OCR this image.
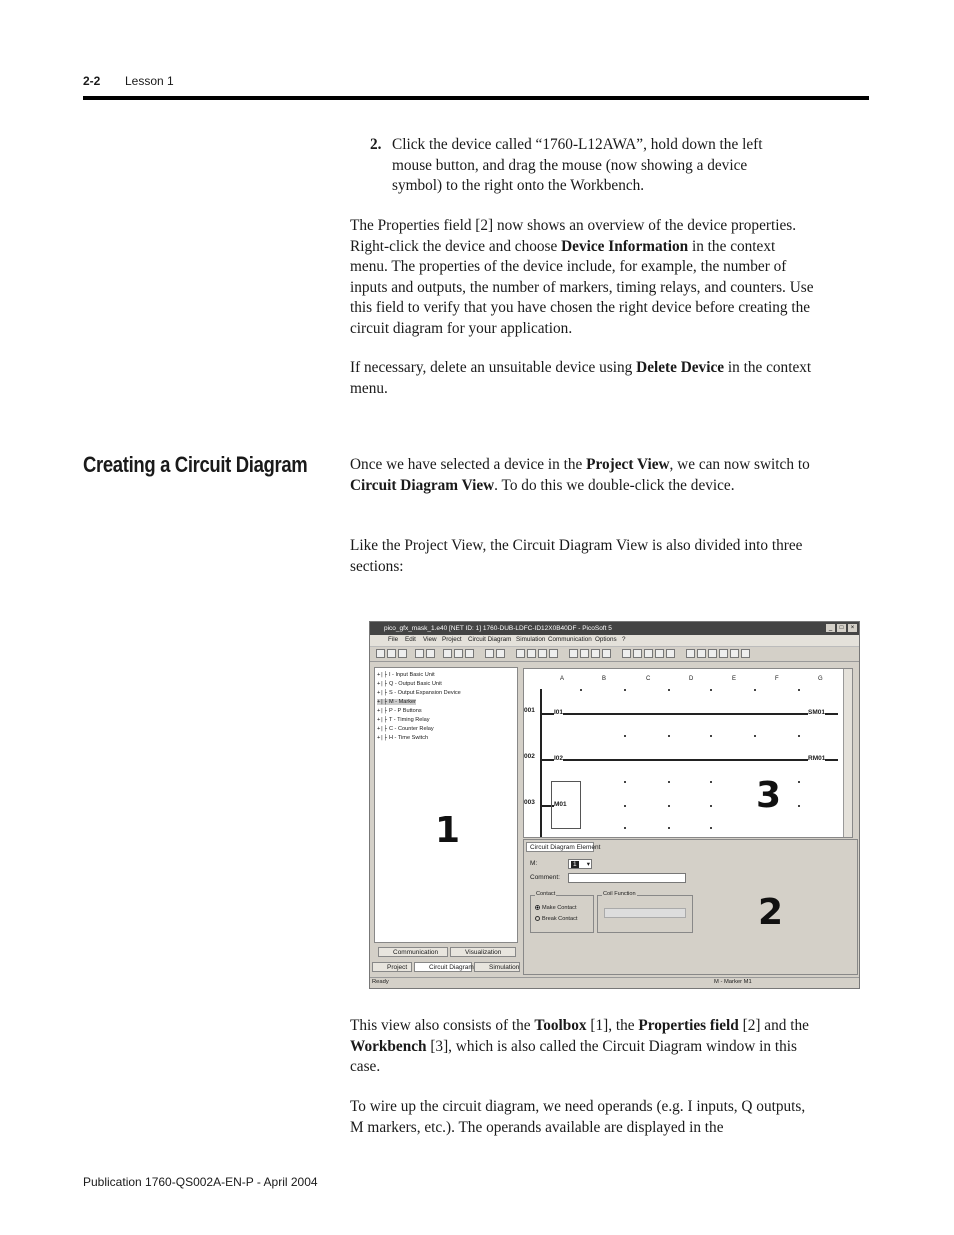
2-2 Lesson 1
2. Click the device called “1760-L12AWA”, hold down the left mouse button, and drag the mouse (now showing a device symbol) to the right onto the Workbench.

The Properties field [2] now shows an overview of the device properties. Right-click the device and choose Device Information in the context menu. The properties of the device include, for example, the number of inputs and outputs, the number of markers, timing relays, and counters. Use this field to verify that you have chosen the right device before creating the circuit diagram for your application.

If necessary, delete an unsuitable device using Delete Device in the context menu.

Creating a Circuit Diagram	Once we have selected a device in the Project View, we can now switch to Circuit Diagram View. To do this we double-click the device.

Like the Project View, the Circuit Diagram View is also divided into three sections:

pico_gfx_mask_1.e40 [NET ID: 1] 1760-DUB-LDFC-ID12X0B40DF - PicoSoft 5	_	□	×
File Edit View Project Circuit Diagram Simulation Communication Options ?
+|├ I - Input Basic Unit
+|├ Q - Output Basic Unit
+|├ S - Output Expansion Device
+|├ M - Marker
+|├ P - P Buttons
+|├ T - Timing Relay
+|├ C - Counter Relay
+|├ H - Time Switch
1
Communication	Visualization
Project	Circuit Diagram	Simulation
A	B	C	D	E	F	G
001	I01	SM01
002	I02	RM01
003	M01	3
Circuit Diagram Element
M:	1	▾
Comment:
Contact
Make Contact
Break Contact
Coil Function	2
Ready	M - Marker M1

This view also consists of the Toolbox [1], the Properties field [2] and the Workbench [3], which is also called the Circuit Diagram window in this case.

To wire up the circuit diagram, we need operands (e.g. I inputs, Q outputs, M markers, etc.). The operands available are displayed in the

Publication 1760-QS002A-EN-P - April 2004
